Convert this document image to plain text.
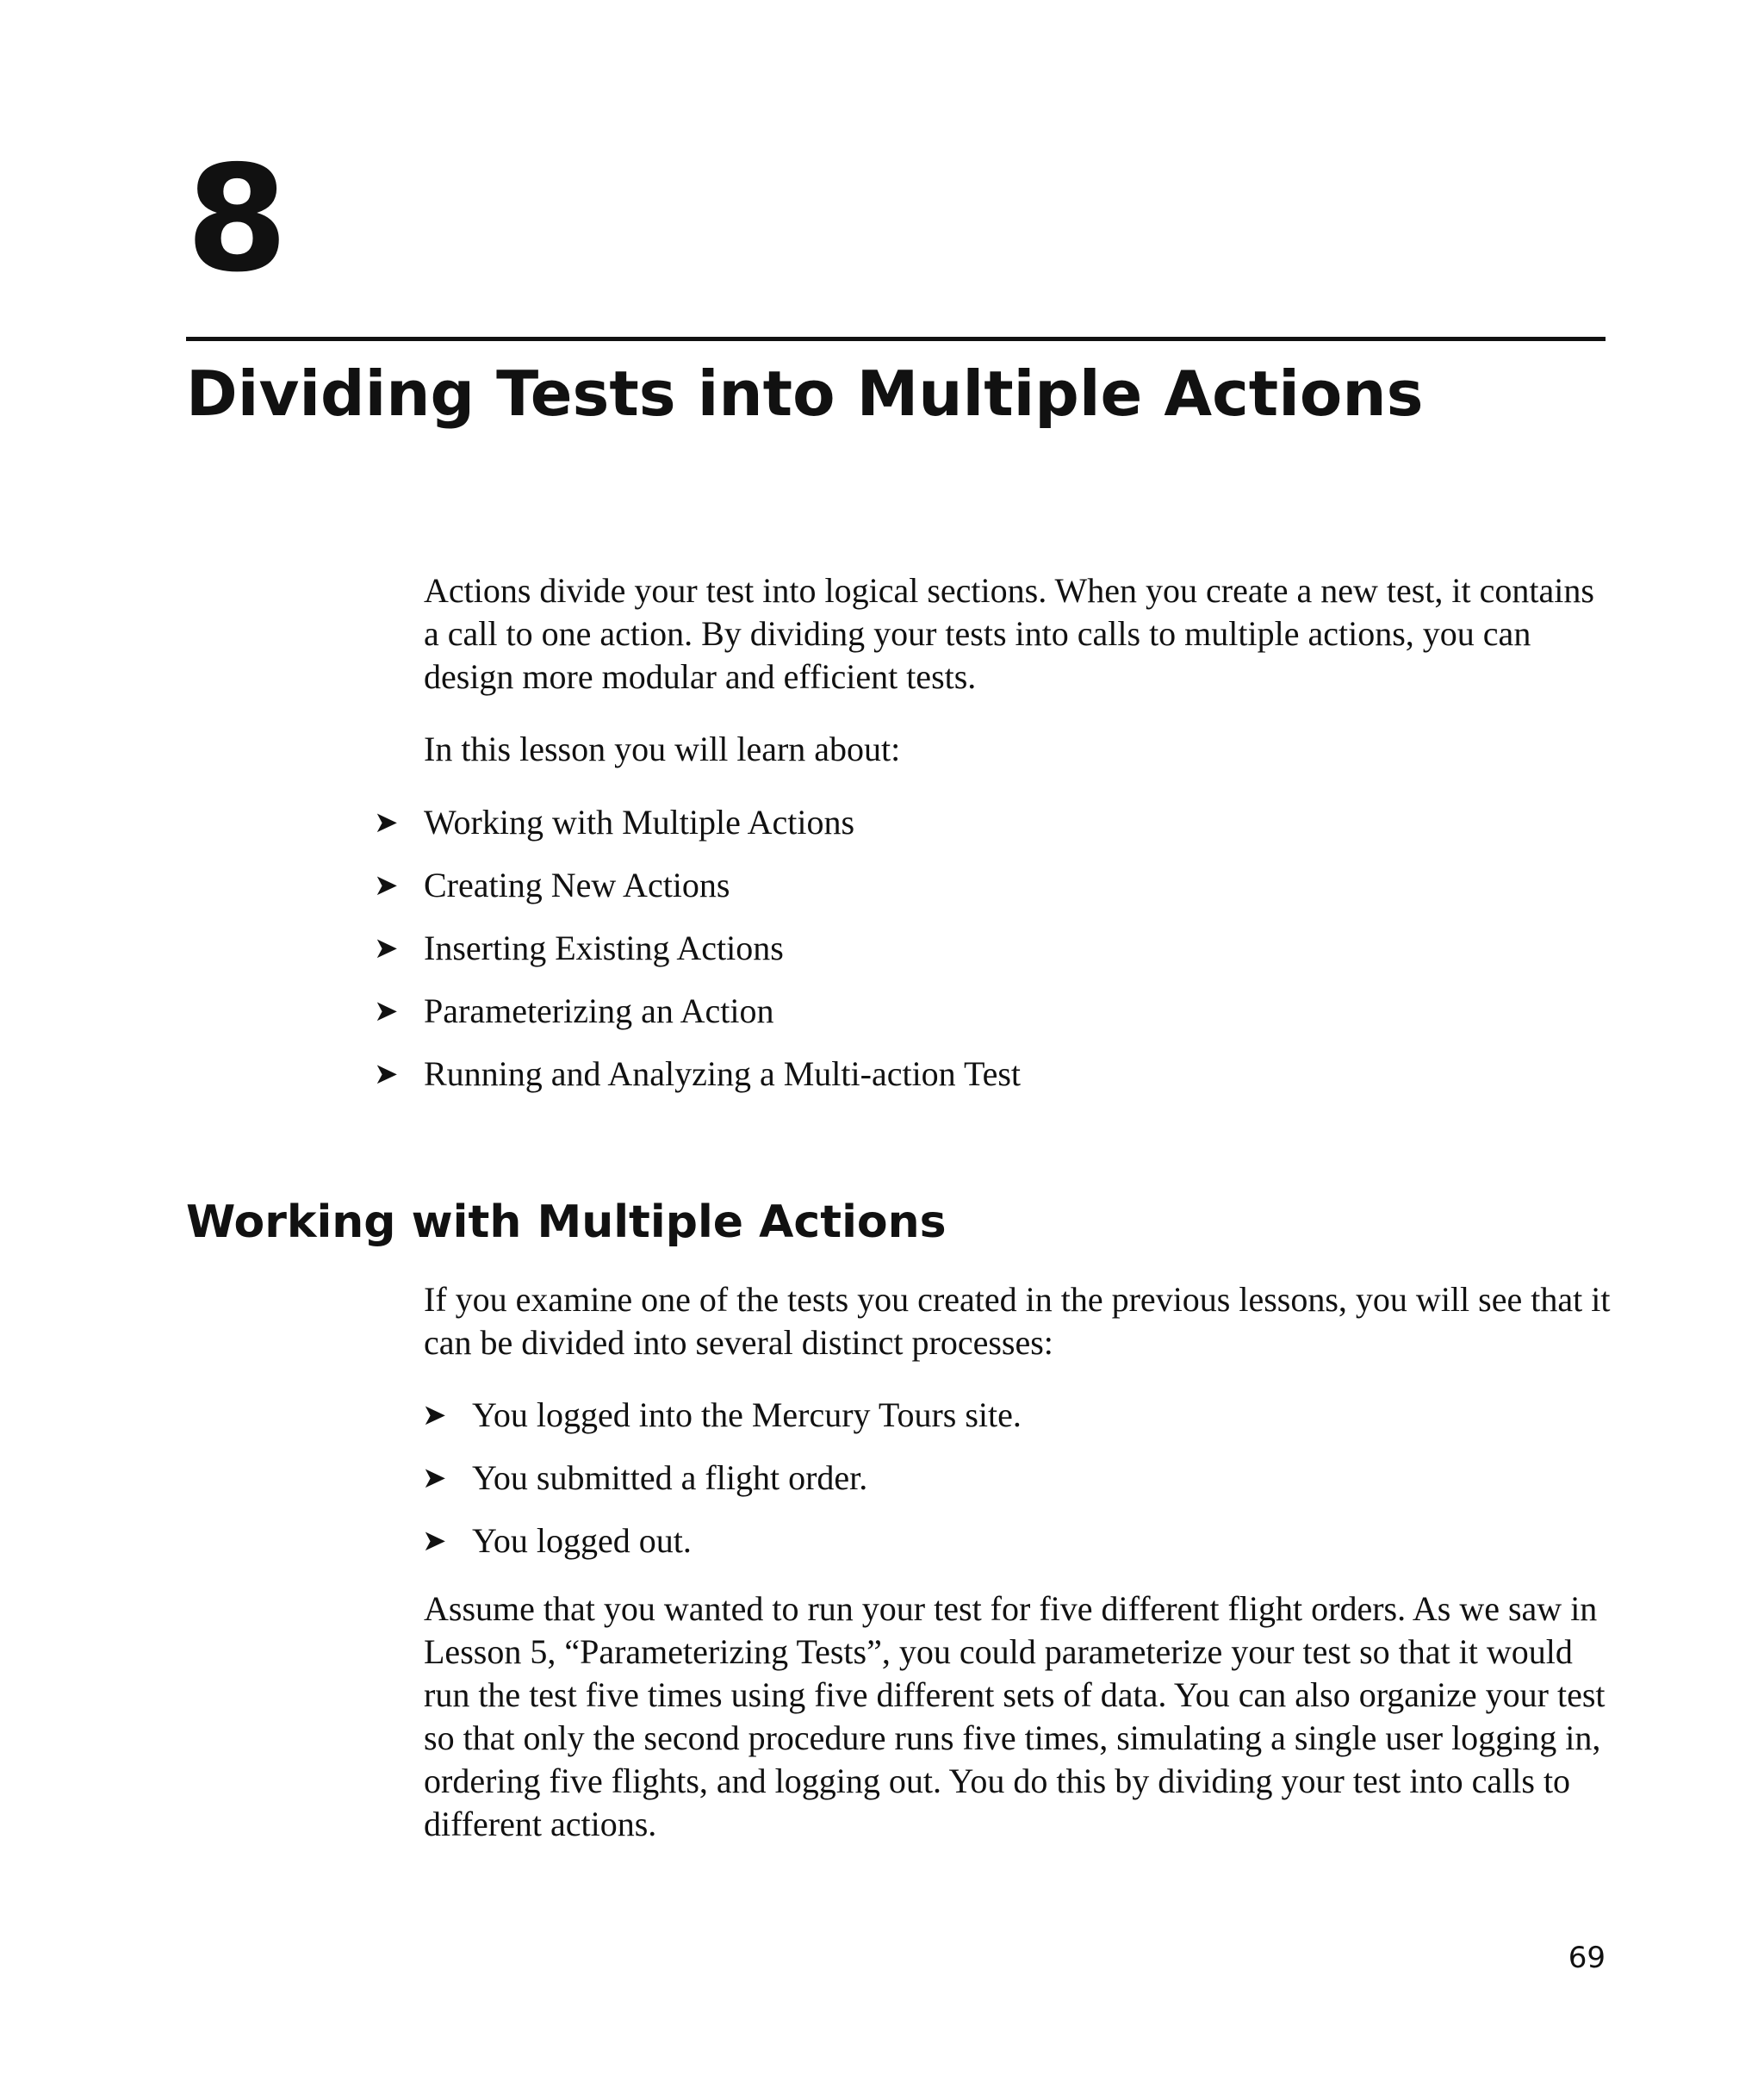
8
Dividing Tests into Multiple Actions

Actions divide your test into logical sections. When you create a new test, it contains a call to one action. By dividing your tests into calls to multiple actions, you can design more modular and efficient tests.

In this lesson you will learn about:

➤ Working with Multiple Actions
➤ Creating New Actions
➤ Inserting Existing Actions
➤ Parameterizing an Action
➤ Running and Analyzing a Multi-action Test
Working with Multiple Actions

If you examine one of the tests you created in the previous lessons, you will see that it can be divided into several distinct processes:

➤ You logged into the Mercury Tours site.
➤ You submitted a flight order.
➤ You logged out.

Assume that you wanted to run your test for five different flight orders. As we saw in Lesson 5, “Parameterizing Tests”, you could parameterize your test so that it would run the test five times using five different sets of data. You can also organize your test so that only the second procedure runs five times, simulating a single user logging in, ordering five flights, and logging out. You do this by dividing your test into calls to different actions.

69
